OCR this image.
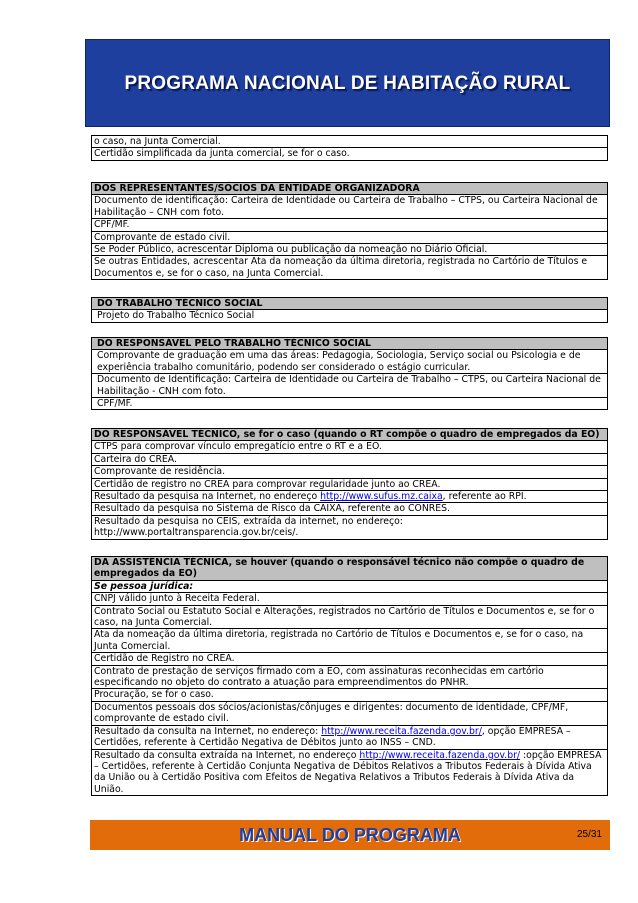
PROGRAMA NACIONAL DE HABITAÇÃO RURAL
o caso, na Junta Comercial.
Certidão simplificada da junta comercial, se for o caso.
DOS REPRESENTANTES/SÓCIOS DA ENTIDADE ORGANIZADORA
Documento de identificação: Carteira de Identidade ou Carteira de Trabalho – CTPS, ou Carteira Nacional de Habilitação – CNH com foto.
CPF/MF.
Comprovante de estado civil.
Se Poder Público, acrescentar Diploma ou publicação da nomeação no Diário Oficial.
Se outras Entidades, acrescentar Ata da nomeação da última diretoria, registrada no Cartório de Títulos e Documentos e, se for o caso, na Junta Comercial.
DO TRABALHO TÉCNICO SOCIAL
Projeto do Trabalho Técnico Social
DO RESPONSÁVEL PELO TRABALHO TÉCNICO SOCIAL
Comprovante de graduação em uma das áreas: Pedagogia, Sociologia, Serviço social ou Psicologia e de experiência trabalho comunitário, podendo ser considerado o estágio curricular.
Documento de Identificação: Carteira de Identidade ou Carteira de Trabalho – CTPS, ou Carteira Nacional de Habilitação - CNH com foto.
CPF/MF.
DO RESPONSÁVEL TÉCNICO, se for o caso (quando o RT compõe o quadro de empregados da EO)
CTPS para comprovar vínculo empregatício entre o RT e a EO.
Carteira do CREA.
Comprovante de residência.
Certidão de registro no CREA para comprovar regularidade junto ao CREA.
Resultado da pesquisa na Internet, no endereço http://www.sufus.mz.caixa, referente ao RPI.
Resultado da pesquisa no Sistema de Risco da CAIXA, referente ao CONRES.
Resultado da pesquisa no CEIS, extraída da internet, no endereço:
http://www.portaltransparencia.gov.br/ceis/.
DA ASSISTÊNCIA TÉCNICA, se houver (quando o responsável técnico não compõe o quadro de empregados da EO)
Se pessoa jurídica:
CNPJ válido junto à Receita Federal.
Contrato Social ou Estatuto Social e Alterações, registrados no Cartório de Títulos e Documentos e, se for o caso, na Junta Comercial.
Ata da nomeação da última diretoria, registrada no Cartório de Títulos e Documentos e, se for o caso, na Junta Comercial.
Certidão de Registro no CREA.
Contrato de prestação de serviços firmado com a EO, com assinaturas reconhecidas em cartório especificando no objeto do contrato a atuação para empreendimentos do PNHR.
Procuração, se for o caso.
Documentos pessoais dos sócios/acionistas/cônjuges e dirigentes: documento de identidade, CPF/MF, comprovante de estado civil.
Resultado da consulta na Internet, no endereço: http://www.receita.fazenda.gov.br/, opção EMPRESA – Certidões, referente à Certidão Negativa de Débitos junto ao INSS – CND.
Resultado da consulta extraída na Internet, no endereço http://www.receita.fazenda.gov.br/ :opção EMPRESA – Certidões, referente à Certidão Conjunta Negativa de Débitos Relativos a Tributos Federais à Dívida Ativa da União ou à Certidão Positiva com Efeitos de Negativa Relativos a Tributos Federais à Dívida Ativa da União.
MANUAL DO PROGRAMA	25/31
